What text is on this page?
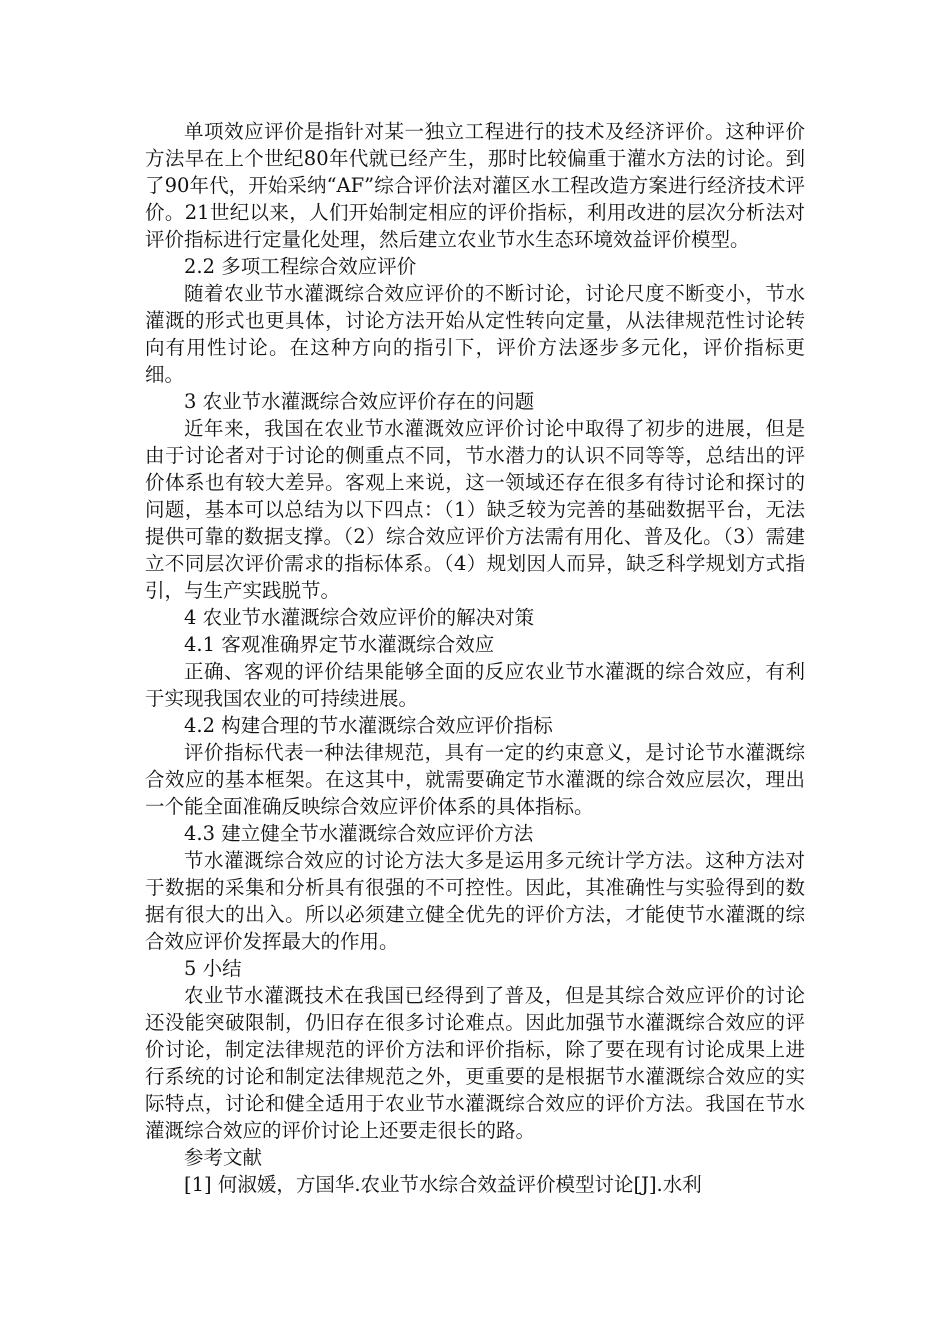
单项效应评价是指针对某一独立工程进行的技术及经济评价。这种评价方法早在上个世纪80年代就已经产生，那时比较偏重于灌水方法的讨论。到了90年代，开始采纳“AF”综合评价法对灌区水工程改造方案进行经济技术评价。21世纪以来，人们开始制定相应的评价指标，利用改进的层次分析法对评价指标进行定量化处理，然后建立农业节水生态环境效益评价模型。

2.2 多项工程综合效应评价

随着农业节水灌溉综合效应评价的不断讨论，讨论尺度不断变小，节水灌溉的形式也更具体，讨论方法开始从定性转向定量，从法律规范性讨论转向有用性讨论。在这种方向的指引下，评价方法逐步多元化，评价指标更细。

3 农业节水灌溉综合效应评价存在的问题

近年来，我国在农业节水灌溉效应评价讨论中取得了初步的进展，但是由于讨论者对于讨论的侧重点不同，节水潜力的认识不同等等，总结出的评价体系也有较大差异。客观上来说，这一领域还存在很多有待讨论和探讨的问题，基本可以总结为以下四点：（1）缺乏较为完善的基础数据平台，无法提供可靠的数据支撑。（2）综合效应评价方法需有用化、普及化。（3）需建立不同层次评价需求的指标体系。（4）规划因人而异，缺乏科学规划方式指引，与生产实践脱节。

4 农业节水灌溉综合效应评价的解决对策

4.1 客观准确界定节水灌溉综合效应

正确、客观的评价结果能够全面的反应农业节水灌溉的综合效应，有利于实现我国农业的可持续进展。

4.2 构建合理的节水灌溉综合效应评价指标

评价指标代表一种法律规范，具有一定的约束意义，是讨论节水灌溉综合效应的基本框架。在这其中，就需要确定节水灌溉的综合效应层次，理出一个能全面准确反映综合效应评价体系的具体指标。

4.3 建立健全节水灌溉综合效应评价方法

节水灌溉综合效应的讨论方法大多是运用多元统计学方法。这种方法对于数据的采集和分析具有很强的不可控性。因此，其准确性与实验得到的数据有很大的出入。所以必须建立健全优先的评价方法，才能使节水灌溉的综合效应评价发挥最大的作用。

5 小结

农业节水灌溉技术在我国已经得到了普及，但是其综合效应评价的讨论还没能突破限制，仍旧存在很多讨论难点。因此加强节水灌溉综合效应的评价讨论，制定法律规范的评价方法和评价指标，除了要在现有讨论成果上进行系统的讨论和制定法律规范之外，更重要的是根据节水灌溉综合效应的实际特点，讨论和健全适用于农业节水灌溉综合效应的评价方法。我国在节水灌溉综合效应的评价讨论上还要走很长的路。

参考文献

[1] 何淑媛，方国华.农业节水综合效益评价模型讨论[J].水利
